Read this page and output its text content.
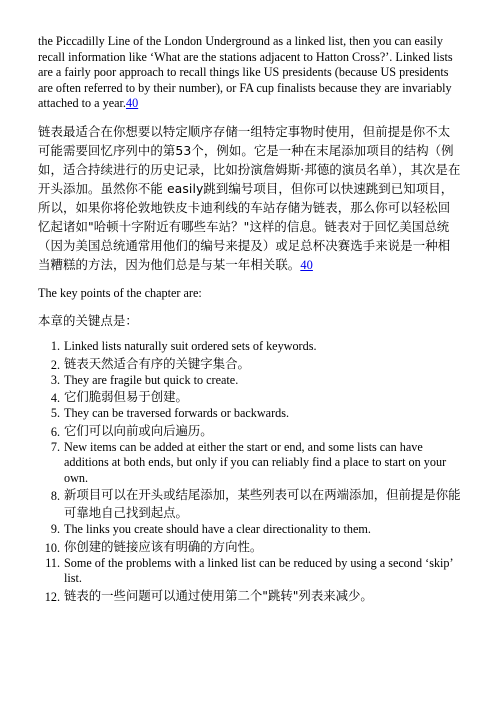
the Piccadilly Line of the London Underground as a linked list, then you can easily recall information like ‘What are the stations adjacent to Hatton Cross?’. Linked lists are a fairly poor approach to recall things like US presidents (because US presidents are often referred to by their number), or FA cup finalists because they are invariably attached to a year.40

链表最适合在你想要以特定顺序存储一组特定事物时使用，但前提是你不太可能需要回忆序列中的第53个，例如。它是一种在末尾添加项目的结构（例如，适合持续进行的历史记录，比如扮演詹姆斯·邦德的演员名单），其次是在开头添加。虽然你不能 easily跳到编号项目，但你可以快速跳到已知项目，所以，如果你将伦敦地铁皮卡迪利线的车站存储为链表，那么你可以轻松回忆起诸如"哈顿十字附近有哪些车站？"这样的信息。链表对于回忆美国总统（因为美国总统通常用他们的编号来提及）或足总杯决赛选手来说是一种相当糟糕的方法，因为他们总是与某一年相关联。40

The key points of the chapter are:

本章的关键点是：

1. Linked lists naturally suit ordered sets of keywords.
2. 链表天然适合有序的关键字集合。
3. They are fragile but quick to create.
4. 它们脆弱但易于创建。
5. They can be traversed forwards or backwards.
6. 它们可以向前或向后遍历。
7. New items can be added at either the start or end, and some lists can have additions at both ends, but only if you can reliably find a place to start on your own.
8. 新项目可以在开头或结尾添加，某些列表可以在两端添加，但前提是你能可靠地自己找到起点。
9. The links you create should have a clear directionality to them.
10. 你创建的链接应该有明确的方向性。
11. Some of the problems with a linked list can be reduced by using a second ‘skip’ list.
12. 链表的一些问题可以通过使用第二个"跳转"列表来减少。
